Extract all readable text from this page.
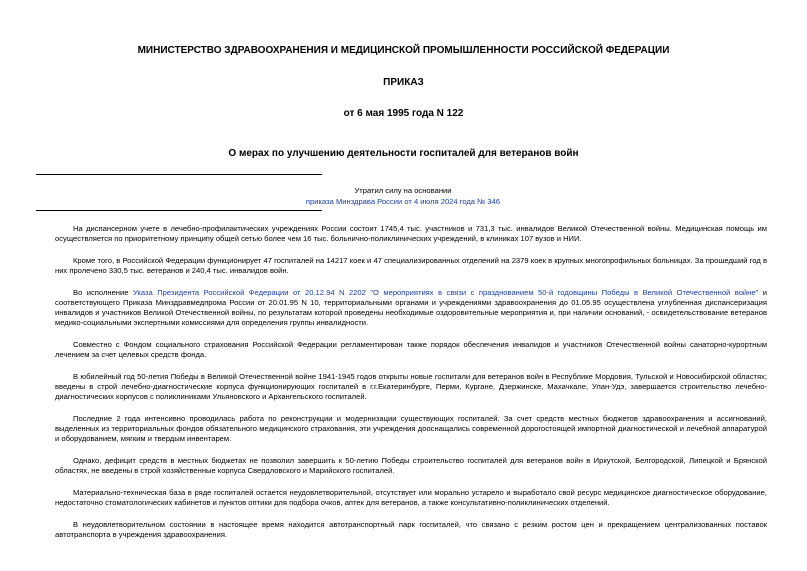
МИНИСТЕРСТВО ЗДРАВООХРАНЕНИЯ И МЕДИЦИНСКОЙ ПРОМЫШЛЕННОСТИ РОССИЙСКОЙ ФЕДЕРАЦИИ

ПРИКАЗ

от 6 мая 1995 года N 122

О мерах по улучшению деятельности госпиталей для ветеранов войн

Утратил силу на основании
приказа Минздрава России от 4 июля 2024 года № 346

На диспансерном учете в лечебно-профилактических учреждениях России состоит 1745,4 тыс. участников и 731,3 тыс. инвалидов Великой Отечественной войны. Медицинская помощь им осуществляется по приоритетному принципу общей сетью более чем 16 тыс. больнично-поликлинических учреждений, в клиниках 107 вузов и НИИ.

Кроме того, в Российской Федерации функционирует 47 госпиталей на 14217 коек и 47 специализированных отделений на 2379 коек в крупных многопрофильных больницах. За прошедший год в них пролечено 330,5 тыс. ветеранов и 240,4 тыс. инвалидов войн.

Во исполнение Указа Президента Российской Федерации от 20.12.94 N 2202 "О мероприятиях в связи с празднованием 50-й годовщины Победы в Великой Отечественной войне" и соответствующего Приказа Минздравмедпрома России от 20.01.95 N 10, территориальными органами и учреждениями здравоохранения до 01.05.95 осуществлена углубленная диспансеризация инвалидов и участников Великой Отечественной войны, по результатам которой проведены необходимые оздоровительные мероприятия и, при наличии оснований, - освидетельствование ветеранов медико-социальными экспертными комиссиями для определения группы инвалидности.

Совместно с Фондом социального страхования Российской Федерации регламентирован также порядок обеспечения инвалидов и участников Отечественной войны санаторно-курортным лечением за счет целевых средств фонда.

В юбилейный год 50-летия Победы в Великой Отечественной войне 1941-1945 годов открыты новые госпитали для ветеранов войн в Республике Мордовия, Тульской и Новосибирской областях; введены в строй лечебно-диагностические корпуса функционирующих госпиталей в г.г.Екатеринбурге, Перми, Кургане, Дзержинске, Махачкале, Улан-Удэ, завершается строительство лечебно-диагностических корпусов с поликлиниками Ульяновского и Архангельского госпиталей.

Последние 2 года интенсивно проводилась работа по реконструкции и модернизации существующих госпиталей. За счет средств местных бюджетов здравоохранения и ассигнований, выделенных из территориальных фондов обязательного медицинского страхования, эти учреждения дооснащались современной дорогостоящей импортной диагностической и лечебной аппаратурой и оборудованием, мягким и твердым инвентарем.

Однако, дефицит средств в местных бюджетах не позволил завершить к 50-летию Победы строительство госпиталей для ветеранов войн в Иркутской, Белгородской, Липецкой и Брянской областях, не введены в строй хозяйственные корпуса Свердловского и Марийского госпиталей.

Материально-техническая база в ряде госпиталей остается неудовлетворительной, отсутствует или морально устарело и выработало свой ресурс медицинское диагностическое оборудование, недостаточно стоматологических кабинетов и пунктов оптики для подбора очков, аптек для ветеранов, а также консультативно-поликлинических отделений.

В неудовлетворительном состоянии в настоящее время находится автотранспортный парк госпиталей, что связано с резким ростом цен и прекращением централизованных поставок автотранспорта в учреждения здравоохранения.
